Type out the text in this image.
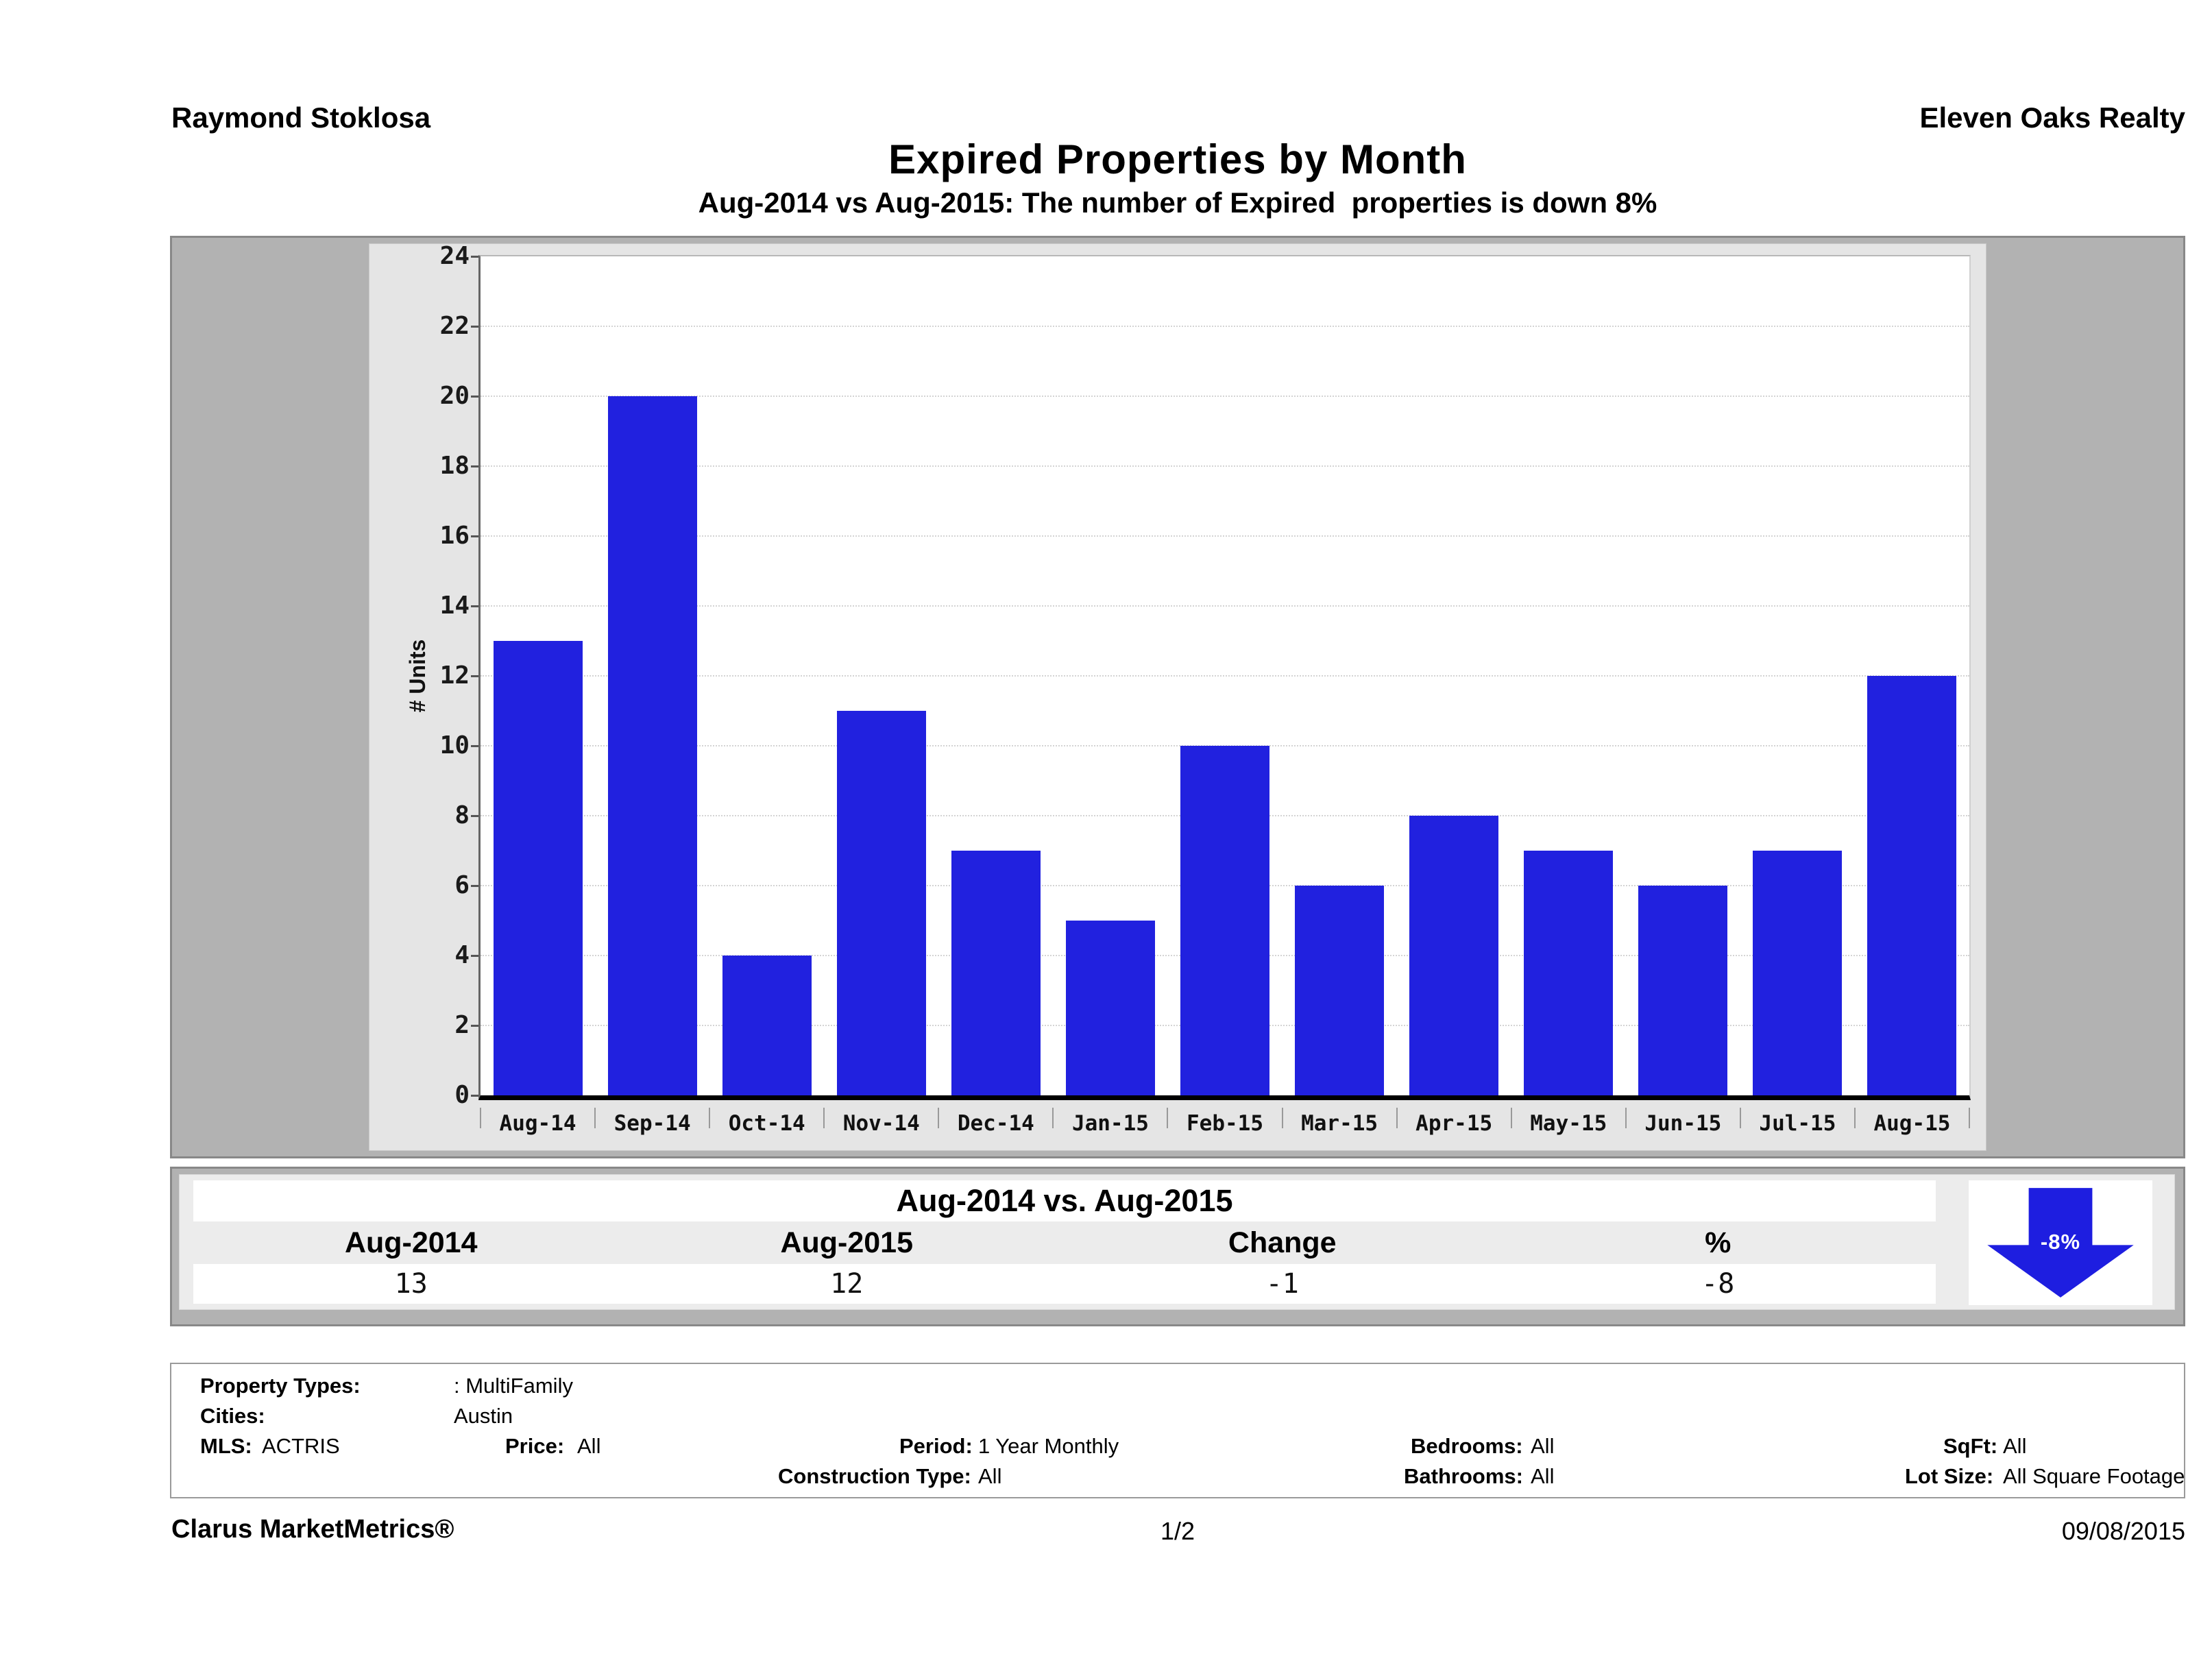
Raymond Stoklosa	Eleven Oaks Realty
Expired Properties by Month
Aug-2014 vs Aug-2015: The number of Expired  properties is down 8%
# Units
Aug-14	Sep-14	Oct-14	Nov-14	Dec-14	Jan-15	Feb-15	Mar-15	Apr-15	May-15	Jun-15	Jul-15	Aug-15
0
2
4
6
8
10
12
14
16
18
20
22
24
Aug-2014 vs. Aug-2015
Aug-2014	Aug-2015	Change	%
13	12	-1	-8
-8%
Property Types:	: MultiFamily
Cities:	Austin
MLS: ACTRIS	Price: All	Period: 1 Year Monthly	Bedrooms: All	SqFt: All
Construction Type: All	Bathrooms: All	Lot Size: All Square Footage
Clarus MarketMetrics®	1/2	09/08/2015
